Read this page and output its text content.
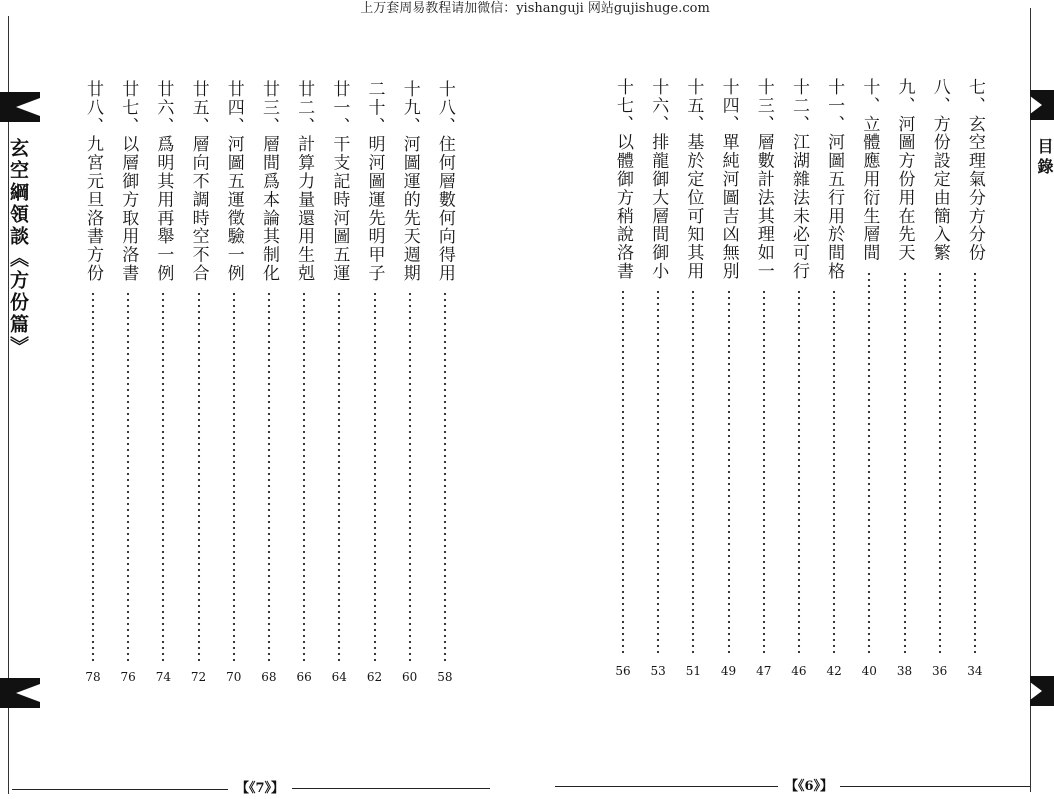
上万套周易教程请加微信：yishanguji 网站gujishuge.com
玄空綱領談《方份篇》	目錄
十八、住何層數何向得用
58
十九、河圖運的先天週期
60
二十、明河圖運先明甲子
62
廿一、干支記時河圖五運
64
廿二、計算力量還用生剋
66
廿三、層間爲本論其制化
68
廿四、河圖五運徵驗一例
70
廿五、層向不調時空不合
72
廿六、爲明其用再舉一例
74
廿七、以層御方取用洛書
76
廿八、九宮元旦洛書方份
78
七、玄空理氣分方分份
34
八、方份設定由簡入繁
36
九、河圖方份用在先天
38
十、立體應用衍生層間
40
十一、河圖五行用於間格
42
十二、江湖雜法未必可行
46
十三、層數計法其理如一
47
十四、單純河圖吉凶無別
49
十五、基於定位可知其用
51
十六、排龍御大層間御小
53
十七、以體御方稍說洛書
56
【《7》】	【《6》】
